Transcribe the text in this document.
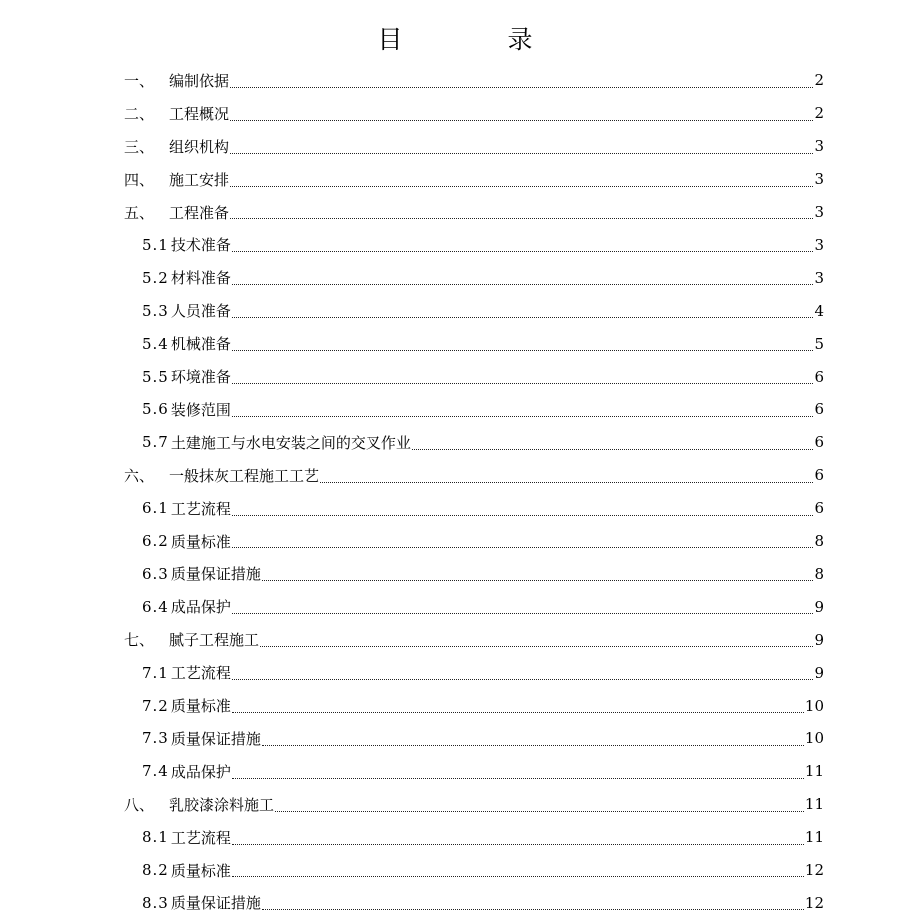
目	录
一、 编制依据	2
二、 工程概况	2
三、 组织机构	3
四、 施工安排	3
五、 工程准备	3
5.1 技术准备	3
5.2 材料准备	3
5.3 人员准备	4
5.4 机械准备	5
5.5 环境准备	6
5.6 装修范围	6
5.7 土建施工与水电安装之间的交叉作业	6
六、 一般抹灰工程施工工艺	6
6.1 工艺流程	6
6.2 质量标准	8
6.3 质量保证措施	8
6.4 成品保护	9
七、 腻子工程施工	9
7.1 工艺流程	9
7.2 质量标准	10
7.3 质量保证措施	10
7.4 成品保护	11
八、 乳胶漆涂料施工	11
8.1 工艺流程	11
8.2 质量标准	12
8.3 质量保证措施	12
